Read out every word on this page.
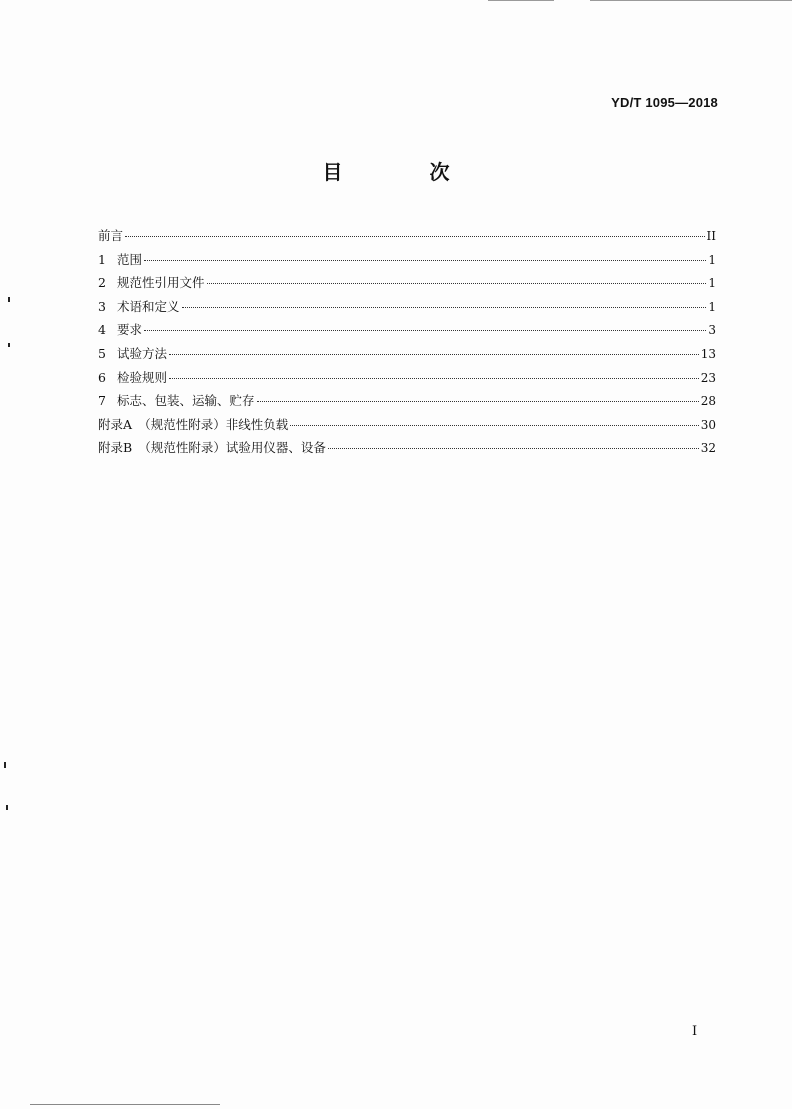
YD/T 1095—2018
目 次
前言	II
1 范围	1
2 规范性引用文件	1
3 术语和定义	1
4 要求	3
5 试验方法	13
6 检验规则	23
7 标志、包装、运输、贮存	28
附录A　（规范性附录）非线性负载	30
附录B　（规范性附录）试验用仪器、设备	32
I
